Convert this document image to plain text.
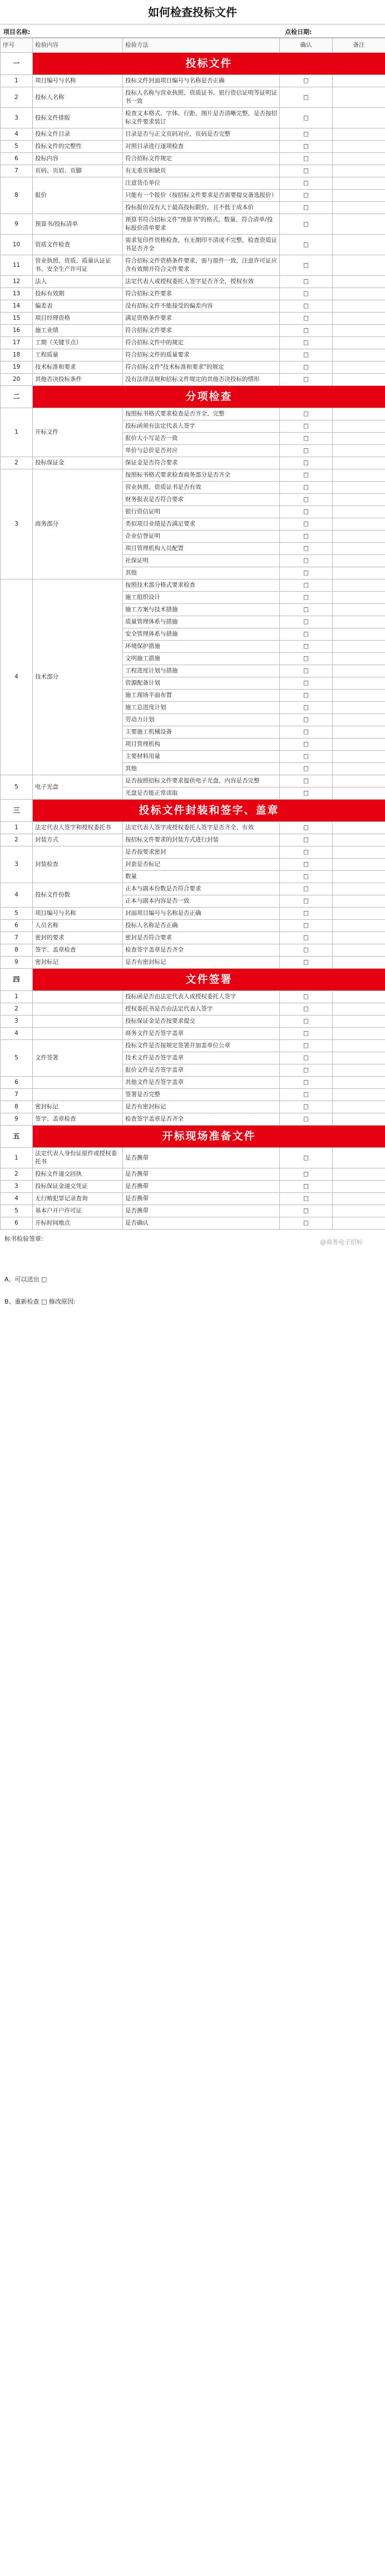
如何检查投标文件
项目名称:	点检日期:
序号	检验内容	检验方法	确认	备注
一	投标文件			
1	项目编号与名称	投标文件封面项目编号与名称是否正确	□	
2	投标人名称	投标人名称与营业执照、资质证书、银行资信证明等证明证书一致	□	
3	投标文件排版	检查文本格式、字体、行距，图片是否清晰完整，是否按招标文件要求装订	□	
4	投标文件目录	目录是否与正文页码对应，页码是否完整	□	
5	投标文件的完整性	对照目录进行逐项检查	□	
6	投标内容	符合招标文件规定	□	
7	页码、页眉、页脚	有无重页和缺页	□	
8	报价	注意货币单位	□	
		只能有一个报价（按招标文件要求是否需要提交备选报价）	□	
		投标报价没有大于最高投标限价，且不低于成本价	□	
9	预算书/投标清单	预算书符合招标文件"预算书"的格式、数量、符合清单/投标报价清单要求	□	
10	资质文件检查	需求复印件资格检查，有无期印不清或不完整，检查资质证书是否齐全	□	
11	营业执照、资质、质量认证证书、安全生产许可证	符合招标文件资格条件要求，需与原件一致，注意许可证应含有效期并符合文件要求	□	
12	法人	法定代表人或授权委托人签字是否齐全，授权有效	□	
13	投标有效期	符合招标文件要求	□	
14	偏差表	没有招标文件不能接受的偏差内容	□	
15	项目经理资格	满足资格条件要求	□	
16	施工业绩	符合招标文件要求	□	
17	工期（关键节点）	符合招标文件中的规定	□	
18	工程质量	符合招标文件的质量要求	□	
19	技术标准和要求	符合招标文件"技术标准和要求"的规定	□	
20	其他否决投标条件	没有法律法规和招标文件规定的其他否决投标的情形	□	
二	分项检查			
1	开标文件	按照标书格式要求检查是否齐全、完整	□	
		投标函须有法定代表人签字	□	
		报价大小写是否一致	□	
		单价与总价是否对应	□	
2	投标保证金	保证金是否符合要求	□	
3	商务部分	按照标书格式要求检查商务部分是否齐全	□	
		营业执照、资质证书是否有效	□	
		财务报表是否符合要求	□	
		银行资信证明	□	
		类似项目业绩是否满足要求	□	
		企业信誉证明	□	
		项目管理机构人员配置	□	
		社保证明	□	
		其他	□	
4	技术部分	按照技术部分格式要求检查	□	
		施工组织设计	□	
		施工方案与技术措施	□	
		质量管理体系与措施	□	
		安全管理体系与措施	□	
		环境保护措施	□	
		文明施工措施	□	
		工程进度计划与措施	□	
		资源配备计划	□	
		施工现场平面布置	□	
		施工总进度计划	□	
		劳动力计划	□	
		主要施工机械设备	□	
		项目管理机构	□	
		主要材料用量	□	
		其他	□	
5	电子光盘	是否按照招标文件要求提供电子光盘，内容是否完整	□	
		光盘是否能正常读取	□	
三	投标文件封装和签字、盖章			
1	法定代表人签字和授权委托书	法定代表人签字或授权委托人签字是否齐全、有效	□	
2	封装方式	按招标文件要求的封装方式进行封装	□	
3	封装检查	是否按要求密封	□	
		封套是否标记	□	
		数量	□	
4	投标文件份数	正本与副本份数是否符合要求	□	
		正本与副本内容是否一致	□	
5	项目编号与名称	封面项目编号与名称是否正确	□	
6	人员名称	投标人名称是否正确	□	
7	密封的要求	密封是否符合要求	□	
8	签字、盖章检查	检查签字盖章是否齐全	□	
9	密封标记	是否有密封标记	□	
四	文件签署			
1		投标函是否由法定代表人或授权委托人签字	□	
2		授权委托书是否由法定代表人签字	□	
3		投标保证金是否按要求提交	□	
4		商务文件是否签字盖章	□	
5	文件签署	投标文件是否按规定签署并加盖单位公章	□	
		技术文件是否签字盖章	□	
		报价文件是否签字盖章	□	
6		其他文件是否签字盖章	□	
7		签署是否完整	□	
8	密封标记	是否有密封标记	□	
9	签字、盖章检查	检查签字盖章是否齐全	□	
五	开标现场准备文件			
1	法定代表人身份证原件或授权委托书	是否携带	□	
2	投标文件递交回执	是否携带	□	
3	投标保证金递交凭证	是否携带	□	
4	无行贿犯罪记录查询	是否携带	□	
5	基本户开户许可证	是否携带	□	
6	开标时间地点	是否确认	□	
标书检验签章:	@商务电子招标
A、可以送出 □
B、重新检查 □ 修改原因:
